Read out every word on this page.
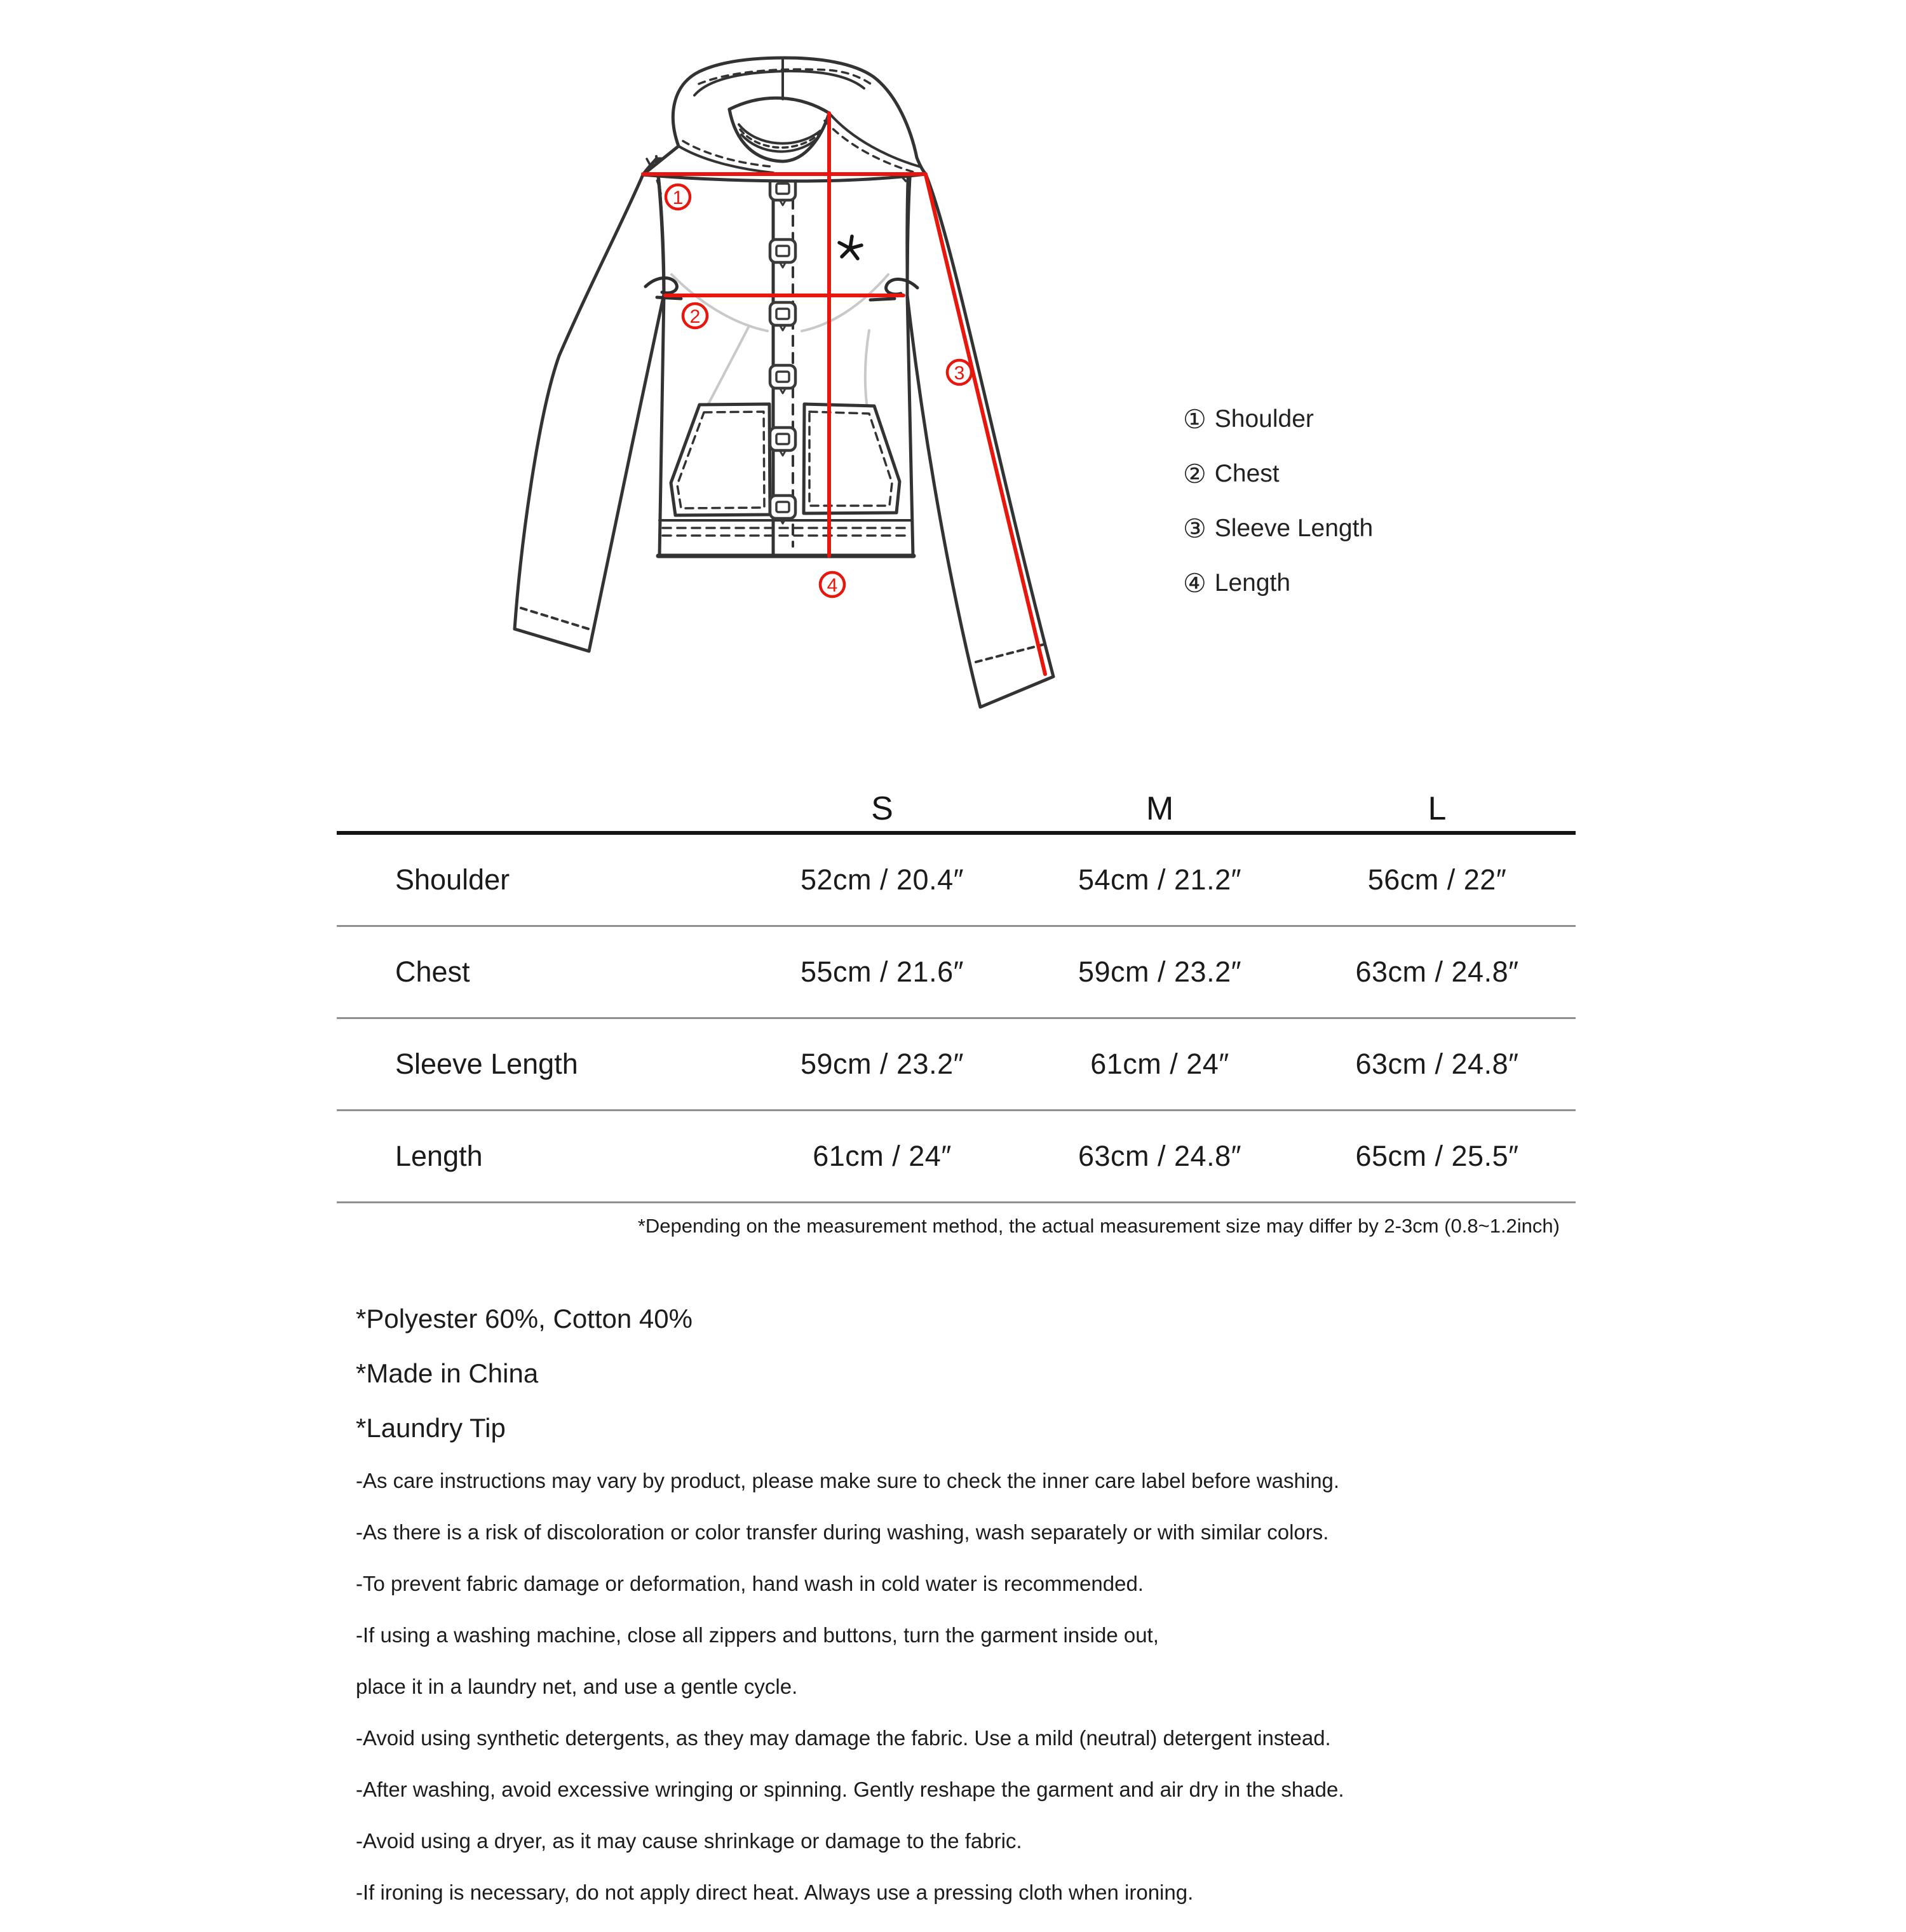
1
2
3
4
① Shoulder
② Chest
③ Sleeve Length
④ Length
S	M	L
Shoulder	52cm / 20.4″	54cm / 21.2″	56cm / 22″
Chest	55cm / 21.6″	59cm / 23.2″	63cm / 24.8″
Sleeve Length	59cm / 23.2″	61cm / 24″	63cm / 24.8″
Length	61cm / 24″	63cm / 24.8″	65cm / 25.5″
*Depending on the measurement method, the actual measurement size may differ by 2-3cm (0.8~1.2inch)
*Polyester 60%, Cotton 40%
*Made in China
*Laundry Tip
-As care instructions may vary by product, please make sure to check the inner care label before washing.
-As there is a risk of discoloration or color transfer during washing, wash separately or with similar colors.
-To prevent fabric damage or deformation, hand wash in cold water is recommended.
-If using a washing machine, close all zippers and buttons, turn the garment inside out,
place it in a laundry net, and use a gentle cycle.
-Avoid using synthetic detergents, as they may damage the fabric. Use a mild (neutral) detergent instead.
-After washing, avoid excessive wringing or spinning. Gently reshape the garment and air dry in the shade.
-Avoid using a dryer, as it may cause shrinkage or damage to the fabric.
-If ironing is necessary, do not apply direct heat. Always use a pressing cloth when ironing.
